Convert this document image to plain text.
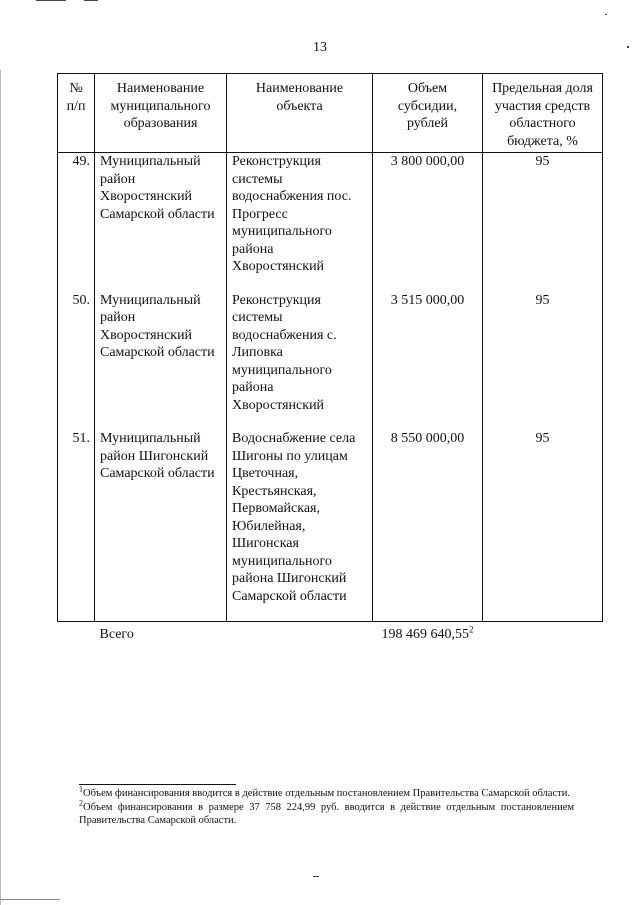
13
№ п/п	Наименование муниципального образования	Наименование объекта	Объем субсидии, рублей	Предельная доля участия средств областного бюджета, %
49.	Муниципальный район Хворостянский Самарской области	Реконструкция системы водоснабжения пос. Прогресс муниципального района Хворостянский	3 800 000,00	95
50.	Муниципальный район Хворостянский Самарской области	Реконструкция системы водоснабжения с. Липовка муниципального района Хворостянский	3 515 000,00	95
51.	Муниципальный район Шигонский Самарской области	Водоснабжение села Шигоны по улицам Цветочная, Крестьянская, Первомайская, Юбилейная, Шигонская муниципального района Шигонский Самарской области	8 550 000,00	95
	Всего		198 469 640,55$^2$	

$^1$Объем финансирования вводится в действие отдельным постановлением Правительства Самарской области.

$^2$Объем финансирования в размере 37 758 224,99 руб. вводится в действие отдельным постановлением Правительства Самарской области.
